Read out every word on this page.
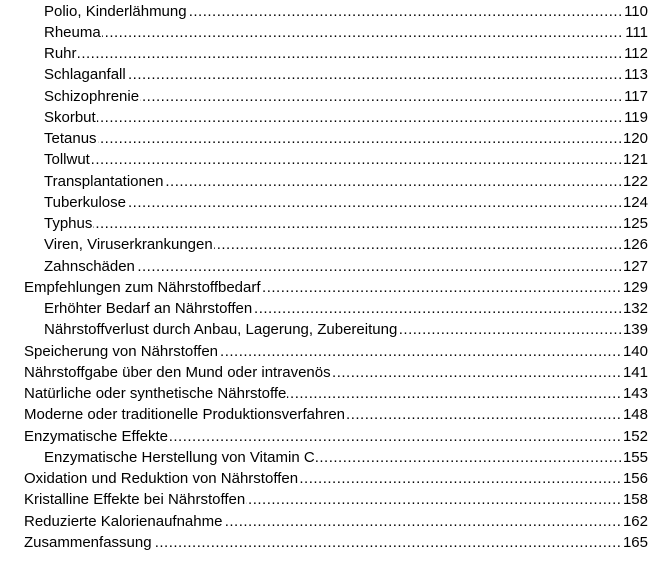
Polio, Kinderlähmung	110
.....
Rheuma	111
.....
Ruhr	112
.....
Schlaganfall	113
.....
Schizophrenie	117
.....
Skorbut	119
.....
Tetanus	120
.....
Tollwut	121
.....
Transplantationen	122
.....
Tuberkulose	124
.....
Typhus	125
.....
Viren, Viruserkrankungen	126
.....
Zahnschäden	127
.....
Empfehlungen zum Nährstoffbedarf	129
.....
Erhöhter Bedarf an Nährstoffen	132
.....
Nährstoffverlust durch Anbau, Lagerung, Zubereitung	139
.....
Speicherung von Nährstoffen	140
.....
Nährstoffgabe über den Mund oder intravenös	141
.....
Natürliche oder synthetische Nährstoffe	143
.....
Moderne oder traditionelle Produktionsverfahren	148
.....
Enzymatische Effekte	152
.....
Enzymatische Herstellung von Vitamin C	155
.....
Oxidation und Reduktion von Nährstoffen	156
.....
Kristalline Effekte bei Nährstoffen	158
.....
Reduzierte Kalorienaufnahme	162
.....
Zusammenfassung	165
.....
